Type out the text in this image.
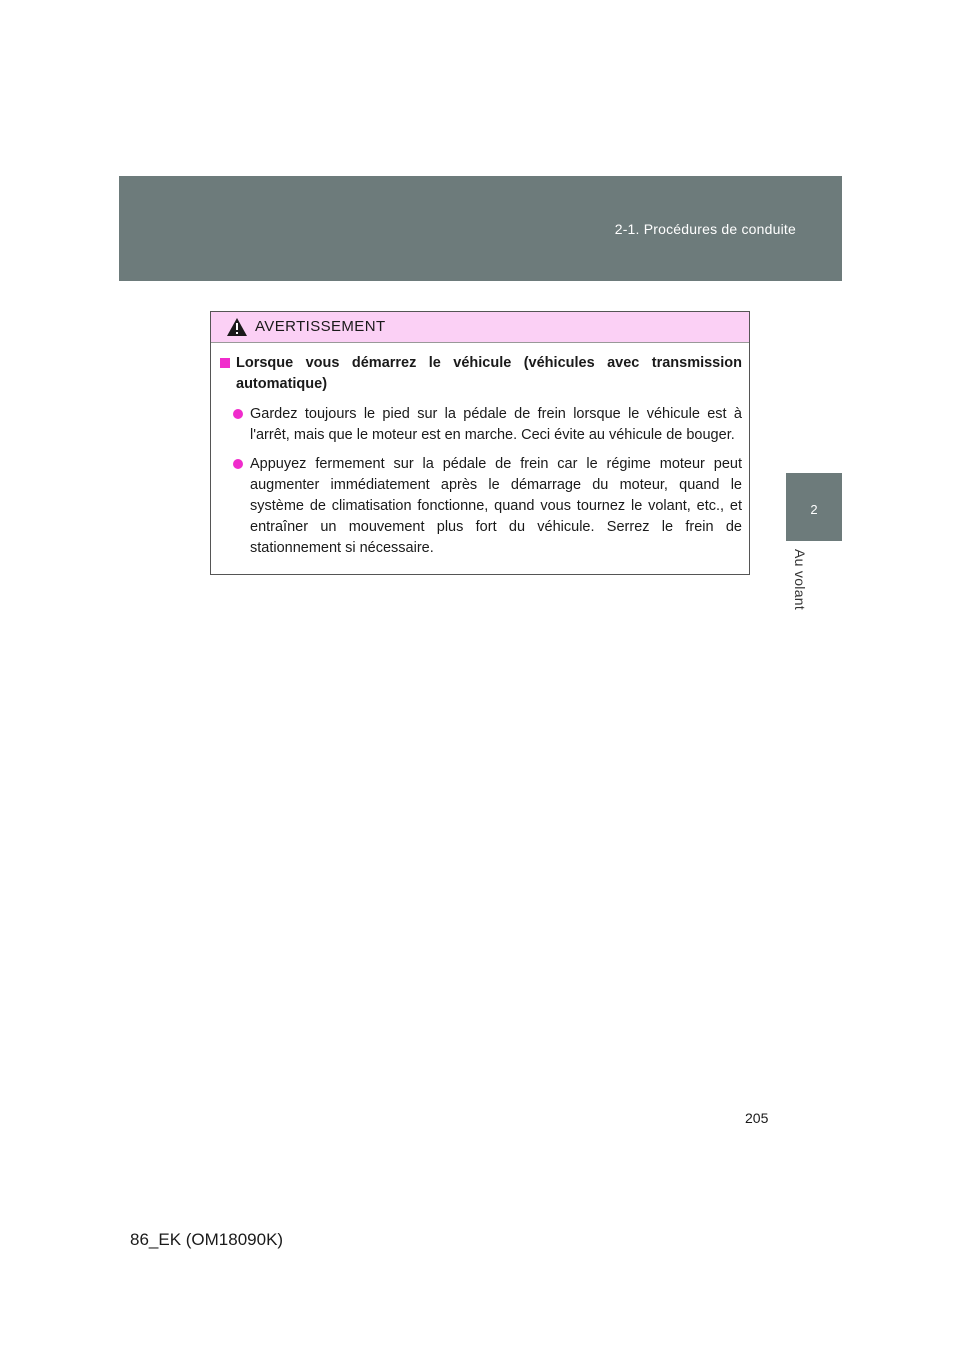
2-1. Procédures de conduite
2
Au volant
AVERTISSEMENT
Lorsque vous démarrez le véhicule (véhicules avec transmission automatique)
Gardez toujours le pied sur la pédale de frein lorsque le véhicule est à l'arrêt, mais que le moteur est en marche. Ceci évite au véhicule de bouger.
Appuyez fermement sur la pédale de frein car le régime moteur peut augmenter immédiatement après le démarrage du moteur, quand le système de climatisation fonctionne, quand vous tournez le volant, etc., et entraîner un mouvement plus fort du véhicule. Serrez le frein de stationnement si nécessaire.
205
86_EK (OM18090K)
